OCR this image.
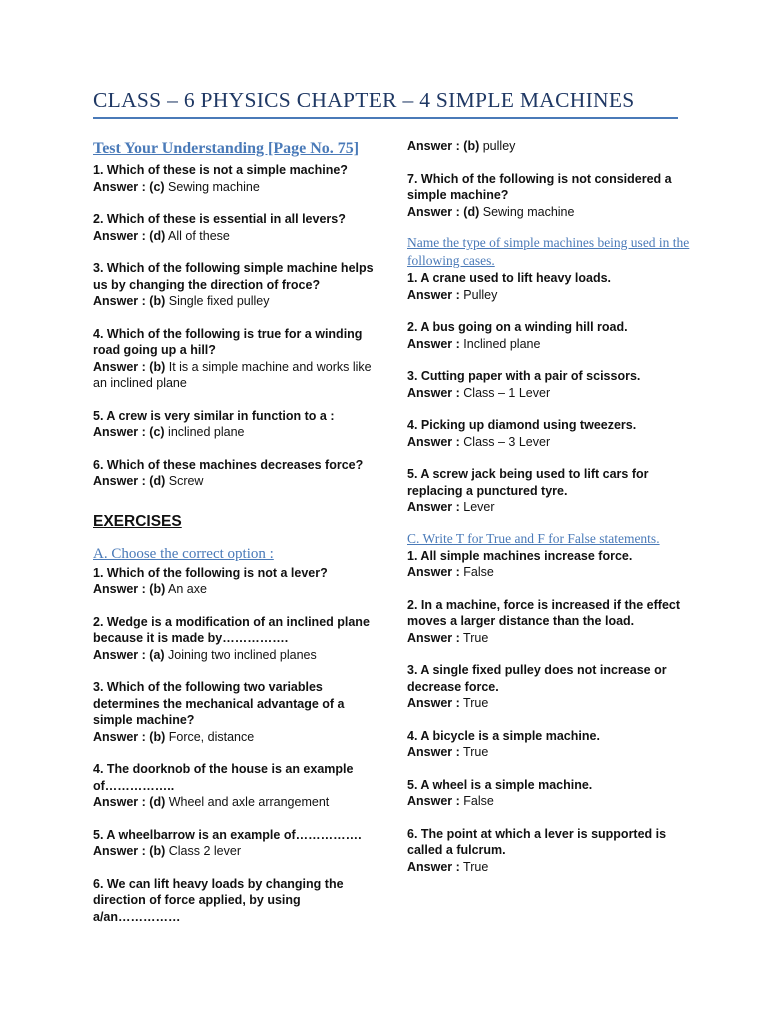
CLASS – 6 PHYSICS CHAPTER – 4 SIMPLE MACHINES
Test Your Understanding [Page No. 75]
1. Which of these is not a simple machine?
Answer : (c) Sewing machine
2. Which of these is essential in all levers?
Answer : (d) All of these
3. Which of the following simple machine helps us by changing the direction of froce?
Answer : (b) Single fixed pulley
4. Which of the following is true for a winding road going up a hill?
Answer : (b) It is a simple machine and works like an inclined plane
5. A crew is very similar in function to a :
Answer : (c) inclined plane
6. Which of these machines decreases force?
Answer : (d) Screw
EXERCISES
A. Choose the correct option :
1. Which of the following is not a lever?
Answer : (b) An axe
2. Wedge is a modification of an inclined plane because it is made by…………….
Answer : (a) Joining two inclined planes
3. Which of the following two variables determines the mechanical advantage of a simple machine?
Answer : (b) Force, distance
4. The doorknob of the house is an example of……………..
Answer : (d) Wheel and axle arrangement
5. A wheelbarrow is an example of…………….
Answer : (b) Class 2 lever
6. We can lift heavy loads by changing the direction of force applied, by using a/an……………
Answer : (b) pulley
7. Which of the following is not considered a simple machine?
Answer : (d) Sewing machine
Name the type of simple machines being used in the following cases.
1. A crane used to lift heavy loads.
Answer : Pulley
2. A bus going on a winding hill road.
Answer : Inclined plane
3. Cutting paper with a pair of scissors.
Answer : Class – 1 Lever
4. Picking up diamond using tweezers.
Answer : Class – 3 Lever
5. A screw jack being used to lift cars for replacing a punctured tyre.
Answer : Lever
C. Write T for True and F for False statements.
1. All simple machines increase force.
Answer : False
2. In a machine, force is increased if the effect moves a larger distance than the load.
Answer : True
3. A single fixed pulley does not increase or decrease force.
Answer : True
4. A bicycle is a simple machine.
Answer : True
5. A wheel is a simple machine.
Answer : False
6. The point at which a lever is supported is called a fulcrum.
Answer : True
